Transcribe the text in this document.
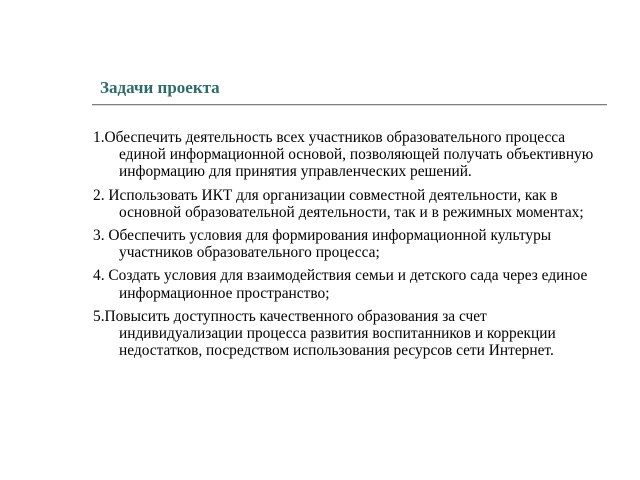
Задачи проекта
1.Обеспечить деятельность всех участников образовательного процесса единой информационной основой, позволяющей получать объективную информацию для принятия управленческих решений.
2. Использовать ИКТ для организации совместной деятельности, как в основной образовательной деятельности, так и в режимных моментах;
3. Обеспечить условия для формирования информационной культуры участников образовательного процесса;
4. Создать условия для взаимодействия семьи и детского сада через единое информационное пространство;
5.Повысить доступность качественного образования за счет индивидуализации процесса развития воспитанников и коррекции недостатков, посредством использования ресурсов сети Интернет.
